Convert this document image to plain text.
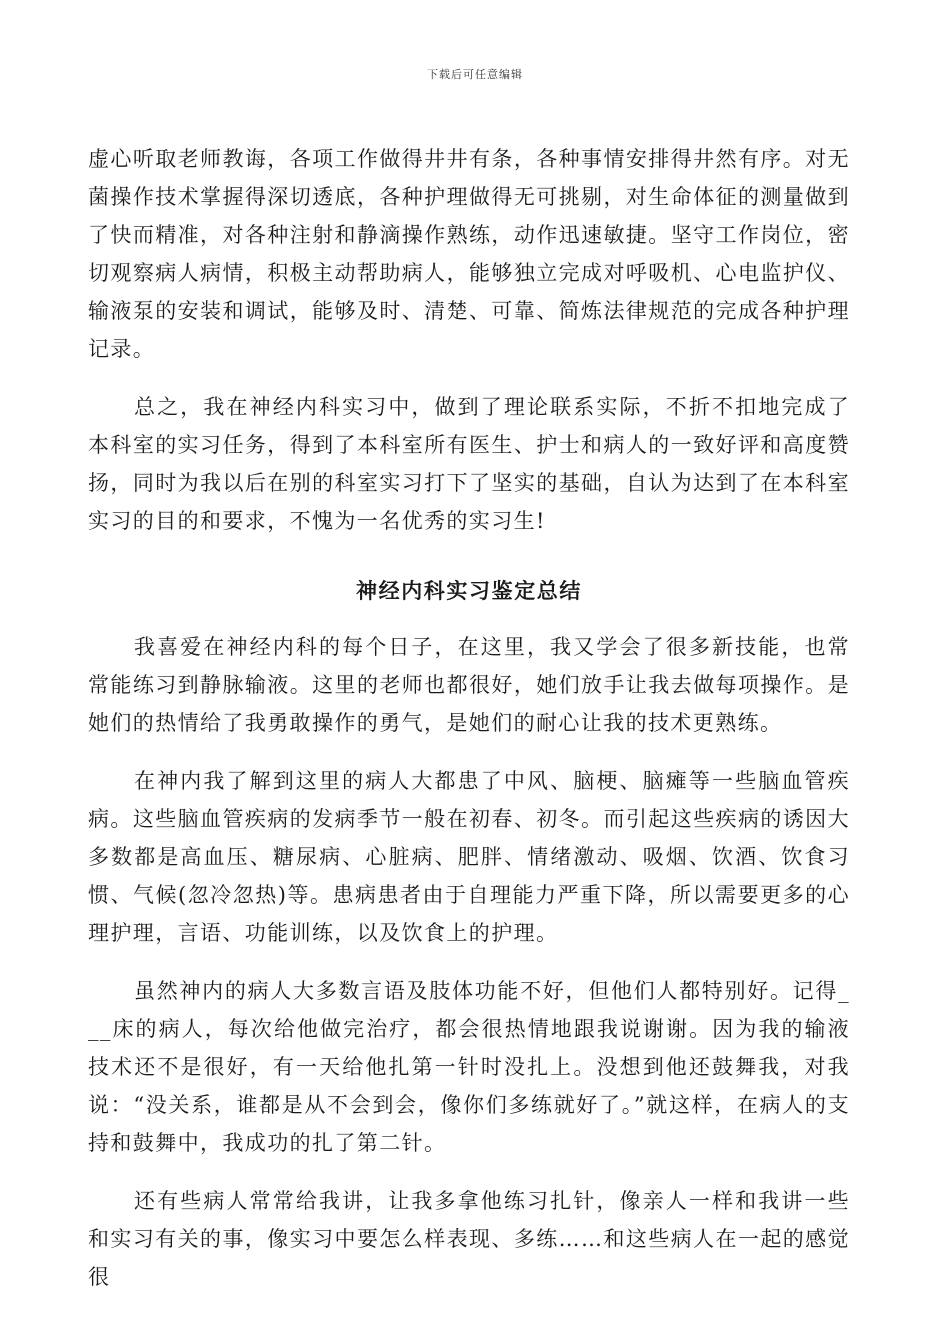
下载后可任意编辑

虚心听取老师教诲，各项工作做得井井有条，各种事情安排得井然有序。对无菌操作技术掌握得深切透底，各种护理做得无可挑剔，对生命体征的测量做到了快而精准，对各种注射和静滴操作熟练，动作迅速敏捷。坚守工作岗位，密切观察病人病情，积极主动帮助病人，能够独立完成对呼吸机、心电监护仪、输液泵的安装和调试，能够及时、清楚、可靠、简炼法律规范的完成各种护理记录。

总之，我在神经内科实习中，做到了理论联系实际，不折不扣地完成了本科室的实习任务，得到了本科室所有医生、护士和病人的一致好评和高度赞扬，同时为我以后在别的科室实习打下了坚实的基础，自认为达到了在本科室实习的目的和要求，不愧为一名优秀的实习生!

神经内科实习鉴定总结

我喜爱在神经内科的每个日子，在这里，我又学会了很多新技能，也常常能练习到静脉输液。这里的老师也都很好，她们放手让我去做每项操作。是她们的热情给了我勇敢操作的勇气，是她们的耐心让我的技术更熟练。

在神内我了解到这里的病人大都患了中风、脑梗、脑瘫等一些脑血管疾病。这些脑血管疾病的发病季节一般在初春、初冬。而引起这些疾病的诱因大多数都是高血压、糖尿病、心脏病、肥胖、情绪激动、吸烟、饮酒、饮食习惯、气候(忽冷忽热)等。患病患者由于自理能力严重下降，所以需要更多的心理护理，言语、功能训练，以及饮食上的护理。

虽然神内的病人大多数言语及肢体功能不好，但他们人都特别好。记得___床的病人，每次给他做完治疗，都会很热情地跟我说谢谢。因为我的输液技术还不是很好，有一天给他扎第一针时没扎上。没想到他还鼓舞我，对我说：“没关系，谁都是从不会到会，像你们多练就好了。”就这样，在病人的支持和鼓舞中，我成功的扎了第二针。

还有些病人常常给我讲，让我多拿他练习扎针，像亲人一样和我讲一些和实习有关的事，像实习中要怎么样表现、多练……和这些病人在一起的感觉很
